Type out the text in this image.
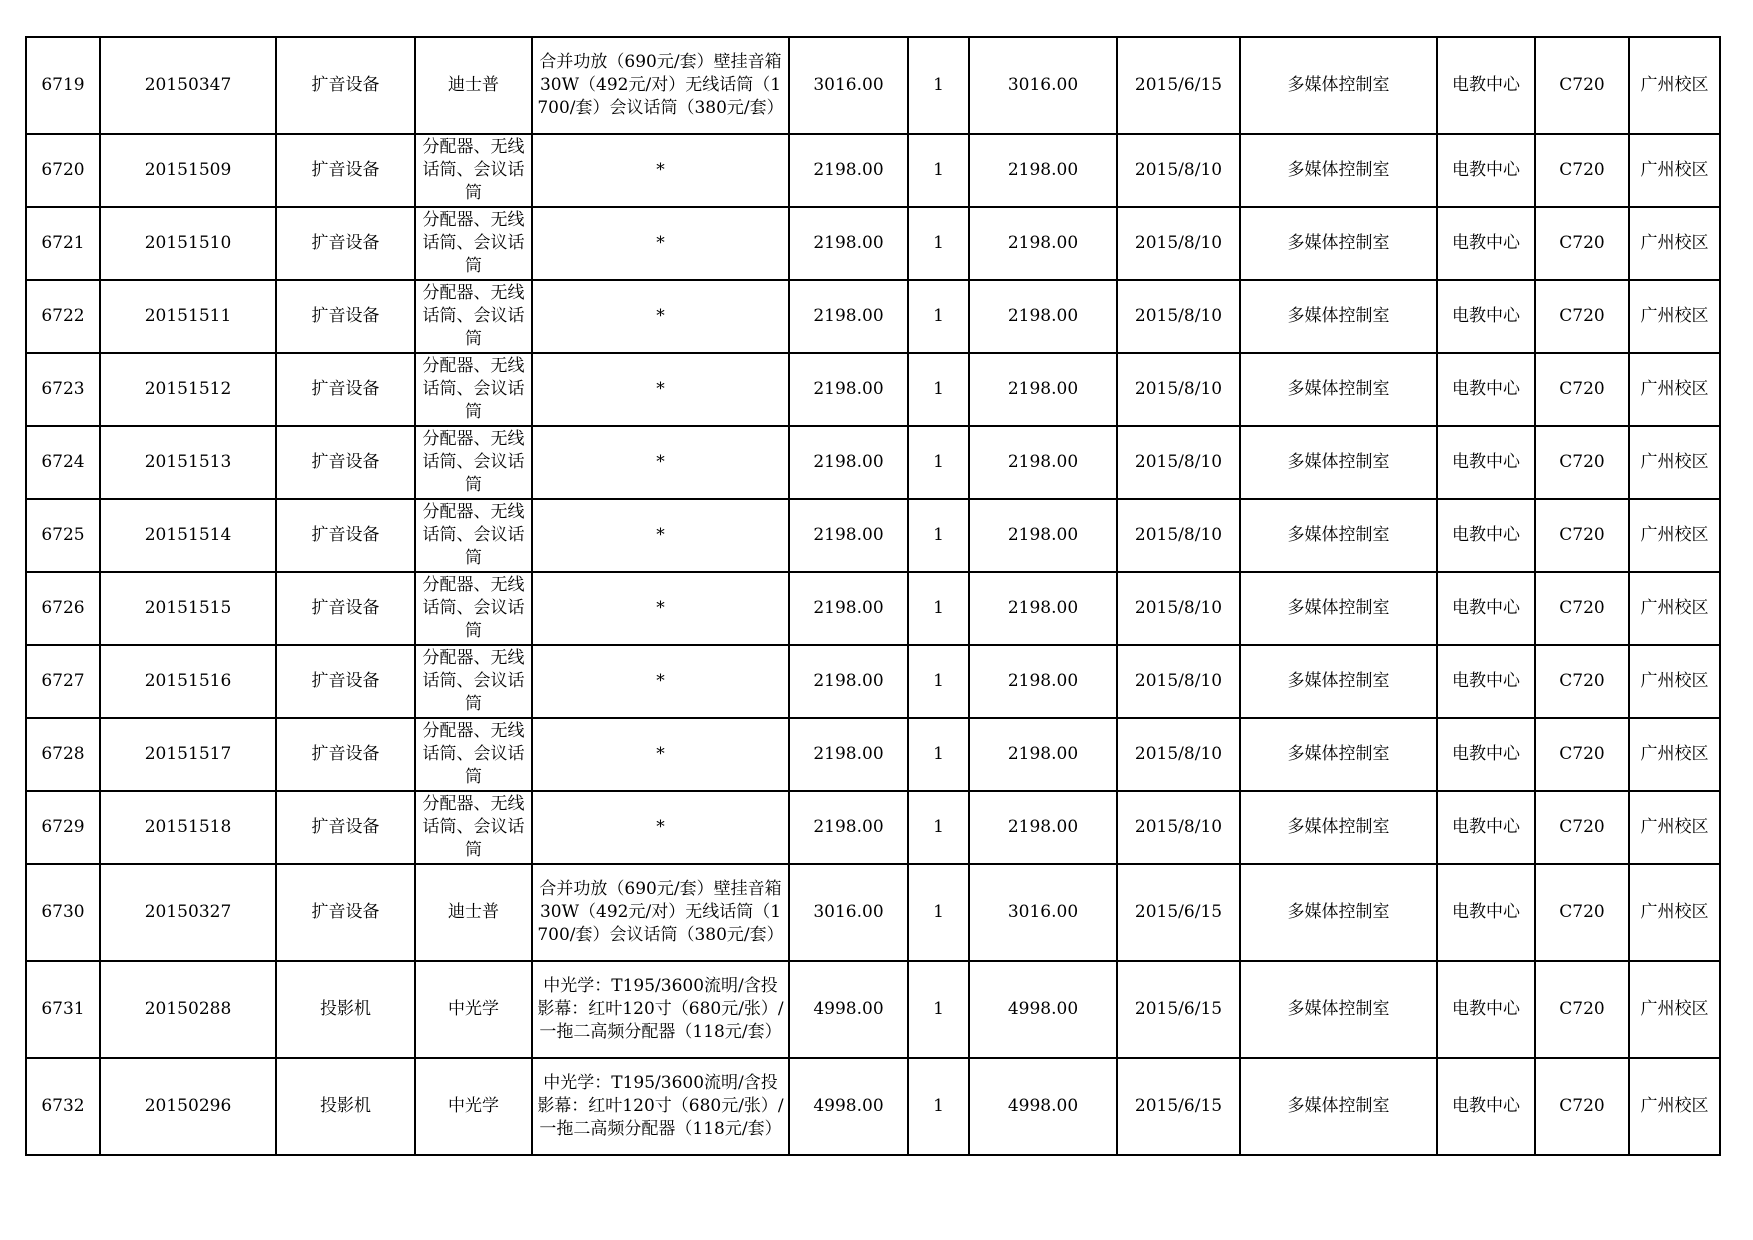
6719	20150347	扩音设备	迪士普	合并功放（690元/套）壁挂音箱30W（492元/对）无线话筒（1700/套）会议话筒（380元/套）	3016.00	1	3016.00	2015/6/15	多媒体控制室	电教中心	C720	广州校区
6720	20151509	扩音设备	分配器、无线话筒、会议话筒	*	2198.00	1	2198.00	2015/8/10	多媒体控制室	电教中心	C720	广州校区
6721	20151510	扩音设备	分配器、无线话筒、会议话筒	*	2198.00	1	2198.00	2015/8/10	多媒体控制室	电教中心	C720	广州校区
6722	20151511	扩音设备	分配器、无线话筒、会议话筒	*	2198.00	1	2198.00	2015/8/10	多媒体控制室	电教中心	C720	广州校区
6723	20151512	扩音设备	分配器、无线话筒、会议话筒	*	2198.00	1	2198.00	2015/8/10	多媒体控制室	电教中心	C720	广州校区
6724	20151513	扩音设备	分配器、无线话筒、会议话筒	*	2198.00	1	2198.00	2015/8/10	多媒体控制室	电教中心	C720	广州校区
6725	20151514	扩音设备	分配器、无线话筒、会议话筒	*	2198.00	1	2198.00	2015/8/10	多媒体控制室	电教中心	C720	广州校区
6726	20151515	扩音设备	分配器、无线话筒、会议话筒	*	2198.00	1	2198.00	2015/8/10	多媒体控制室	电教中心	C720	广州校区
6727	20151516	扩音设备	分配器、无线话筒、会议话筒	*	2198.00	1	2198.00	2015/8/10	多媒体控制室	电教中心	C720	广州校区
6728	20151517	扩音设备	分配器、无线话筒、会议话筒	*	2198.00	1	2198.00	2015/8/10	多媒体控制室	电教中心	C720	广州校区
6729	20151518	扩音设备	分配器、无线话筒、会议话筒	*	2198.00	1	2198.00	2015/8/10	多媒体控制室	电教中心	C720	广州校区
6730	20150327	扩音设备	迪士普	合并功放（690元/套）壁挂音箱30W（492元/对）无线话筒（1700/套）会议话筒（380元/套）	3016.00	1	3016.00	2015/6/15	多媒体控制室	电教中心	C720	广州校区
6731	20150288	投影机	中光学	中光学：T195/3600流明/含投影幕：红叶120寸（680元/张）/一拖二高频分配器（118元/套）	4998.00	1	4998.00	2015/6/15	多媒体控制室	电教中心	C720	广州校区
6732	20150296	投影机	中光学	中光学：T195/3600流明/含投影幕：红叶120寸（680元/张）/一拖二高频分配器（118元/套）	4998.00	1	4998.00	2015/6/15	多媒体控制室	电教中心	C720	广州校区
